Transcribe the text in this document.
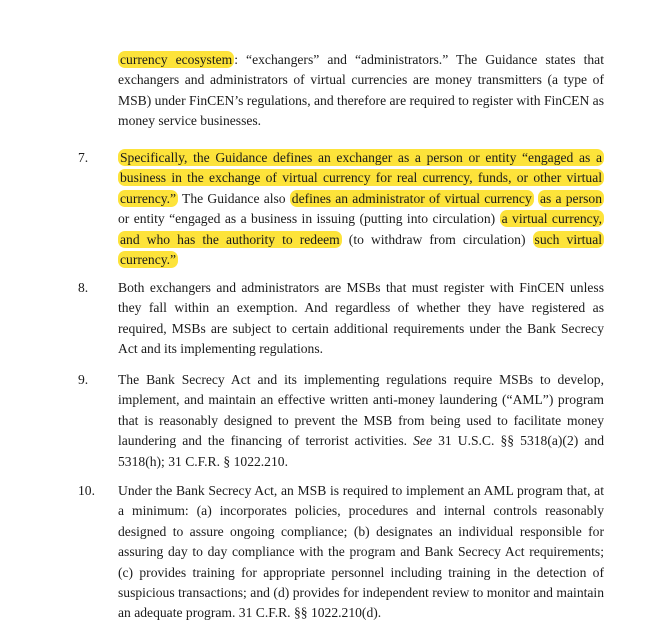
currency ecosystem : “exchangers” and “administrators.” The Guidance states that exchangers and administrators of virtual currencies are money transmitters (a type of MSB) under FinCEN’s regulations, and therefore are required to register with FinCEN as money service businesses.
7. Specifically, the Guidance defines an exchanger as a person or entity “engaged as a business in the exchange of virtual currency for real currency, funds, or other virtual currency.” The Guidance also defines an administrator of virtual currency as a person or entity “engaged as a business in issuing (putting into circulation) a virtual currency, and who has the authority to redeem (to withdraw from circulation) such virtual currency.”
8. Both exchangers and administrators are MSBs that must register with FinCEN unless they fall within an exemption. And regardless of whether they have registered as required, MSBs are subject to certain additional requirements under the Bank Secrecy Act and its implementing regulations.
9. The Bank Secrecy Act and its implementing regulations require MSBs to develop, implement, and maintain an effective written anti-money laundering (“AML”) program that is reasonably designed to prevent the MSB from being used to facilitate money laundering and the financing of terrorist activities. See 31 U.S.C. §§ 5318(a)(2) and 5318(h); 31 C.F.R. § 1022.210.
10. Under the Bank Secrecy Act, an MSB is required to implement an AML program that, at a minimum: (a) incorporates policies, procedures and internal controls reasonably designed to assure ongoing compliance; (b) designates an individual responsible for assuring day to day compliance with the program and Bank Secrecy Act requirements; (c) provides training for appropriate personnel including training in the detection of suspicious transactions; and (d) provides for independent review to monitor and maintain an adequate program. 31 C.F.R. §§ 1022.210(d).
